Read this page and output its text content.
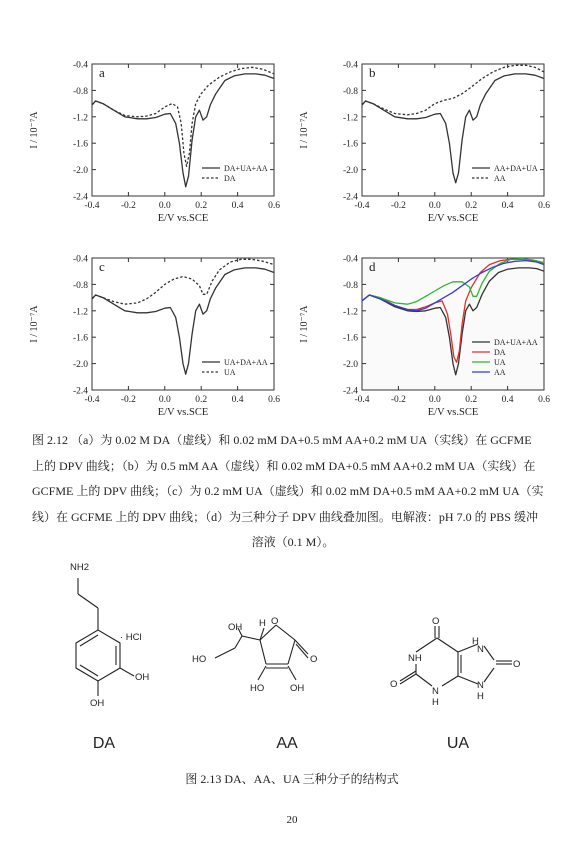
-0.4 -0.2 0.0	0.2	0.4	0.6
-0.4
-0.8
-1.2
-1.6
-2.0
-2.4
E/V vs.SCE
I / 10⁻⁷A
a
DA+UA+AA
DA
-0.4 -0.2 0.0	0.2	0.4	0.6
-0.4
-0.8
-1.2
-1.6
-2.0
-2.4
E/V vs.SCE
I / 10⁻⁷A
b
AA+DA+UA
AA
-0.4 -0.2 0.0	0.2	0.4	0.6
-0.4
-0.8
-1.2
-1.6
-2.0
-2.4
E/V vs.SCE
I / 10⁻⁷A
c
UA+DA+AA
UA
-0.4 -0.2 0.0	0.2	0.4	0.6
-0.4
-0.8
-1.2
-1.6
-2.0
-2.4
E/V vs.SCE
I / 10⁻⁷A
d
DA+UA+AA
DA
UA
AA
图 2.12 （a）为 0.02 M DA（虚线）和 0.02 mM DA+0.5 mM AA+0.2 mM UA（实线）在 GCFME
上的 DPV 曲线；（b）为 0.5 mM AA（虚线）和 0.02 mM DA+0.5 mM AA+0.2 mM UA（实线）在
GCFME 上的 DPV 曲线；（c）为 0.2 mM UA（虚线）和 0.02 mM DA+0.5 mM AA+0.2 mM UA（实
线）在 GCFME 上的 DPV 曲线；（d）为三种分子 DPV 曲线叠加图。电解液：pH 7.0 的 PBS 缓冲
溶液（0.1 M）。
NH2
· HCl
OH
OH
OH H O
HO	O
HO	OH
O
NH
H
N
O
N
H
N
H
O
DA	AA	UA
图 2.13 DA、AA、UA 三种分子的结构式
20
